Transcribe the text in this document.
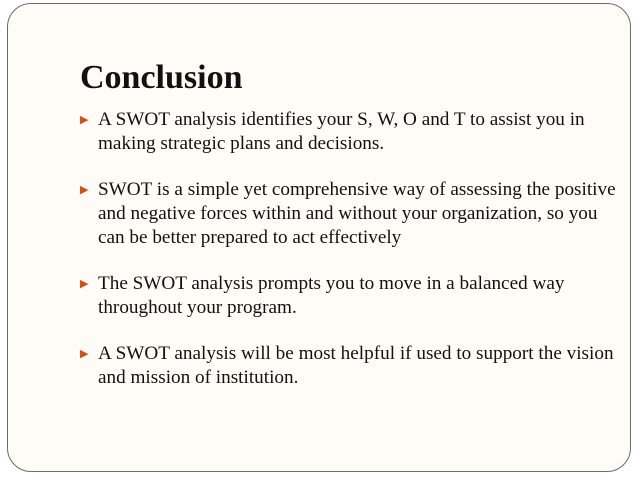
Conclusion
▶ A SWOT analysis identifies your S, W, O and T to assist you in making strategic plans and decisions.
▶ SWOT is a simple yet comprehensive way of assessing the positive and negative forces within and without your organization, so you can be better prepared to act effectively
▶ The SWOT analysis prompts you to move in a balanced way throughout your program.
▶ A SWOT analysis will be most helpful if used to support the vision and mission of institution.
